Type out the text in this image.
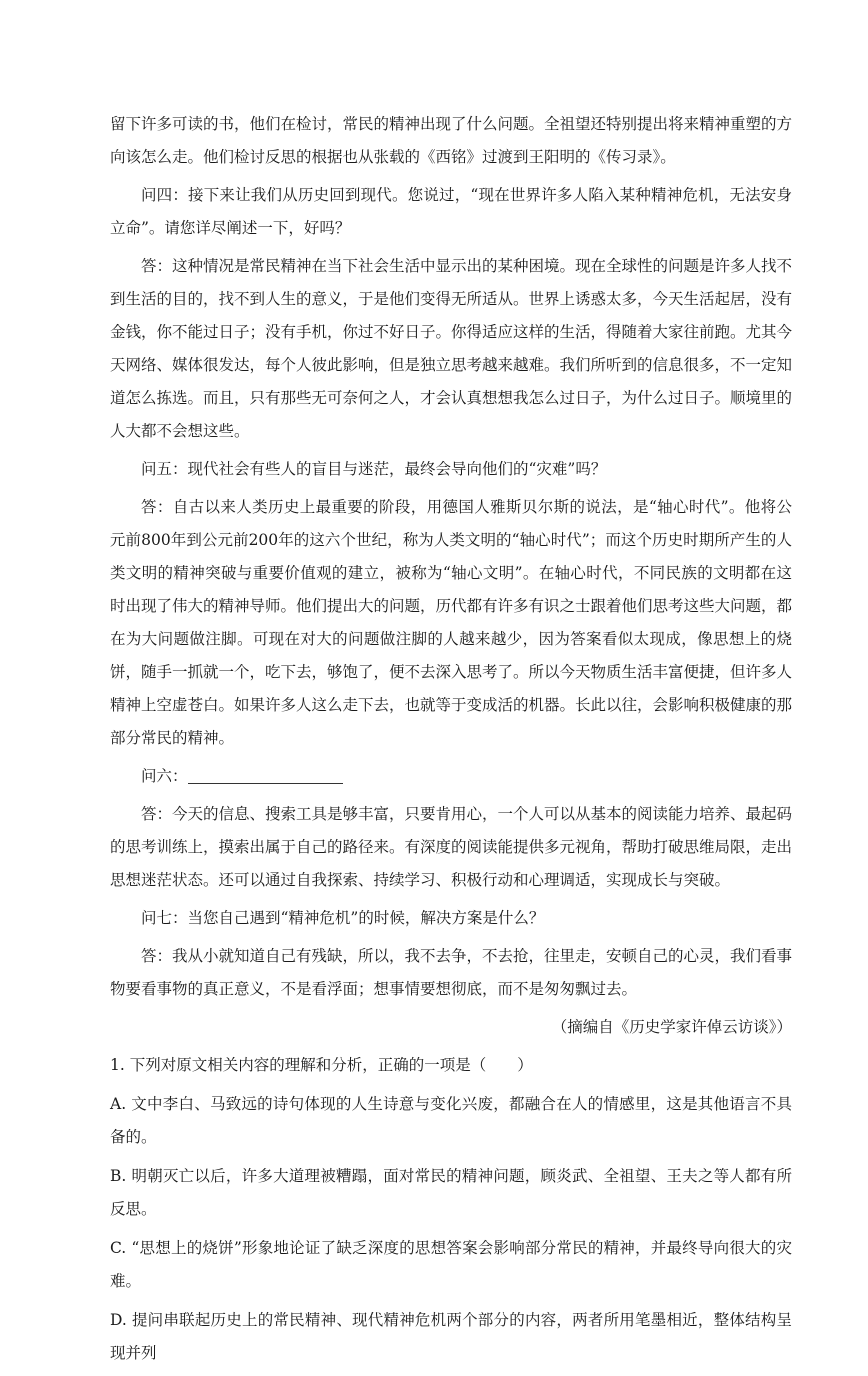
留下许多可读的书，他们在检讨，常民的精神出现了什么问题。全祖望还特别提出将来精神重塑的方向该怎么走。他们检讨反思的根据也从张载的《西铭》过渡到王阳明的《传习录》。

问四：接下来让我们从历史回到现代。您说过，“现在世界许多人陷入某种精神危机，无法安身立命”。请您详尽阐述一下，好吗？

答：这种情况是常民精神在当下社会生活中显示出的某种困境。现在全球性的问题是许多人找不到生活的目的，找不到人生的意义，于是他们变得无所适从。世界上诱惑太多，今天生活起居，没有金钱，你不能过日子；没有手机，你过不好日子。你得适应这样的生活，得随着大家往前跑。尤其今天网络、媒体很发达，每个人彼此影响，但是独立思考越来越难。我们所听到的信息很多，不一定知道怎么拣选。而且，只有那些无可奈何之人，才会认真想想我怎么过日子，为什么过日子。顺境里的人大都不会想这些。

问五：现代社会有些人的盲目与迷茫，最终会导向他们的“灾难”吗？

答：自古以来人类历史上最重要的阶段，用德国人雅斯贝尔斯的说法，是“轴心时代”。他将公元前800年到公元前200年的这六个世纪，称为人类文明的“轴心时代”；而这个历史时期所产生的人类文明的精神突破与重要价值观的建立，被称为“轴心文明”。在轴心时代，不同民族的文明都在这时出现了伟大的精神导师。他们提出大的问题，历代都有许多有识之士跟着他们思考这些大问题，都在为大问题做注脚。可现在对大的问题做注脚的人越来越少，因为答案看似太现成，像思想上的烧饼，随手一抓就一个，吃下去，够饱了，便不去深入思考了。所以今天物质生活丰富便捷，但许多人精神上空虚苍白。如果许多人这么走下去，也就等于变成活的机器。长此以往，会影响积极健康的那部分常民的精神。

问六：

答：今天的信息、搜索工具是够丰富，只要肯用心，一个人可以从基本的阅读能力培养、最起码的思考训练上，摸索出属于自己的路径来。有深度的阅读能提供多元视角，帮助打破思维局限，走出思想迷茫状态。还可以通过自我探索、持续学习、积极行动和心理调适，实现成长与突破。

问七：当您自己遇到“精神危机”的时候，解决方案是什么？

答：我从小就知道自己有残缺，所以，我不去争，不去抢，往里走，安顿自己的心灵，我们看事物要看事物的真正意义，不是看浮面；想事情要想彻底，而不是匆匆飘过去。

（摘编自《历史学家许倬云访谈》）

1. 下列对原文相关内容的理解和分析，正确的一项是（　　）

A. 文中李白、马致远的诗句体现的人生诗意与变化兴废，都融合在人的情感里，这是其他语言不具备的。

B. 明朝灭亡以后，许多大道理被糟蹋，面对常民的精神问题，顾炎武、全祖望、王夫之等人都有所反思。

C. “思想上的烧饼”形象地论证了缺乏深度的思想答案会影响部分常民的精神，并最终导向很大的灾难。

D. 提问串联起历史上的常民精神、现代精神危机两个部分的内容，两者所用笔墨相近，整体结构呈现并列
